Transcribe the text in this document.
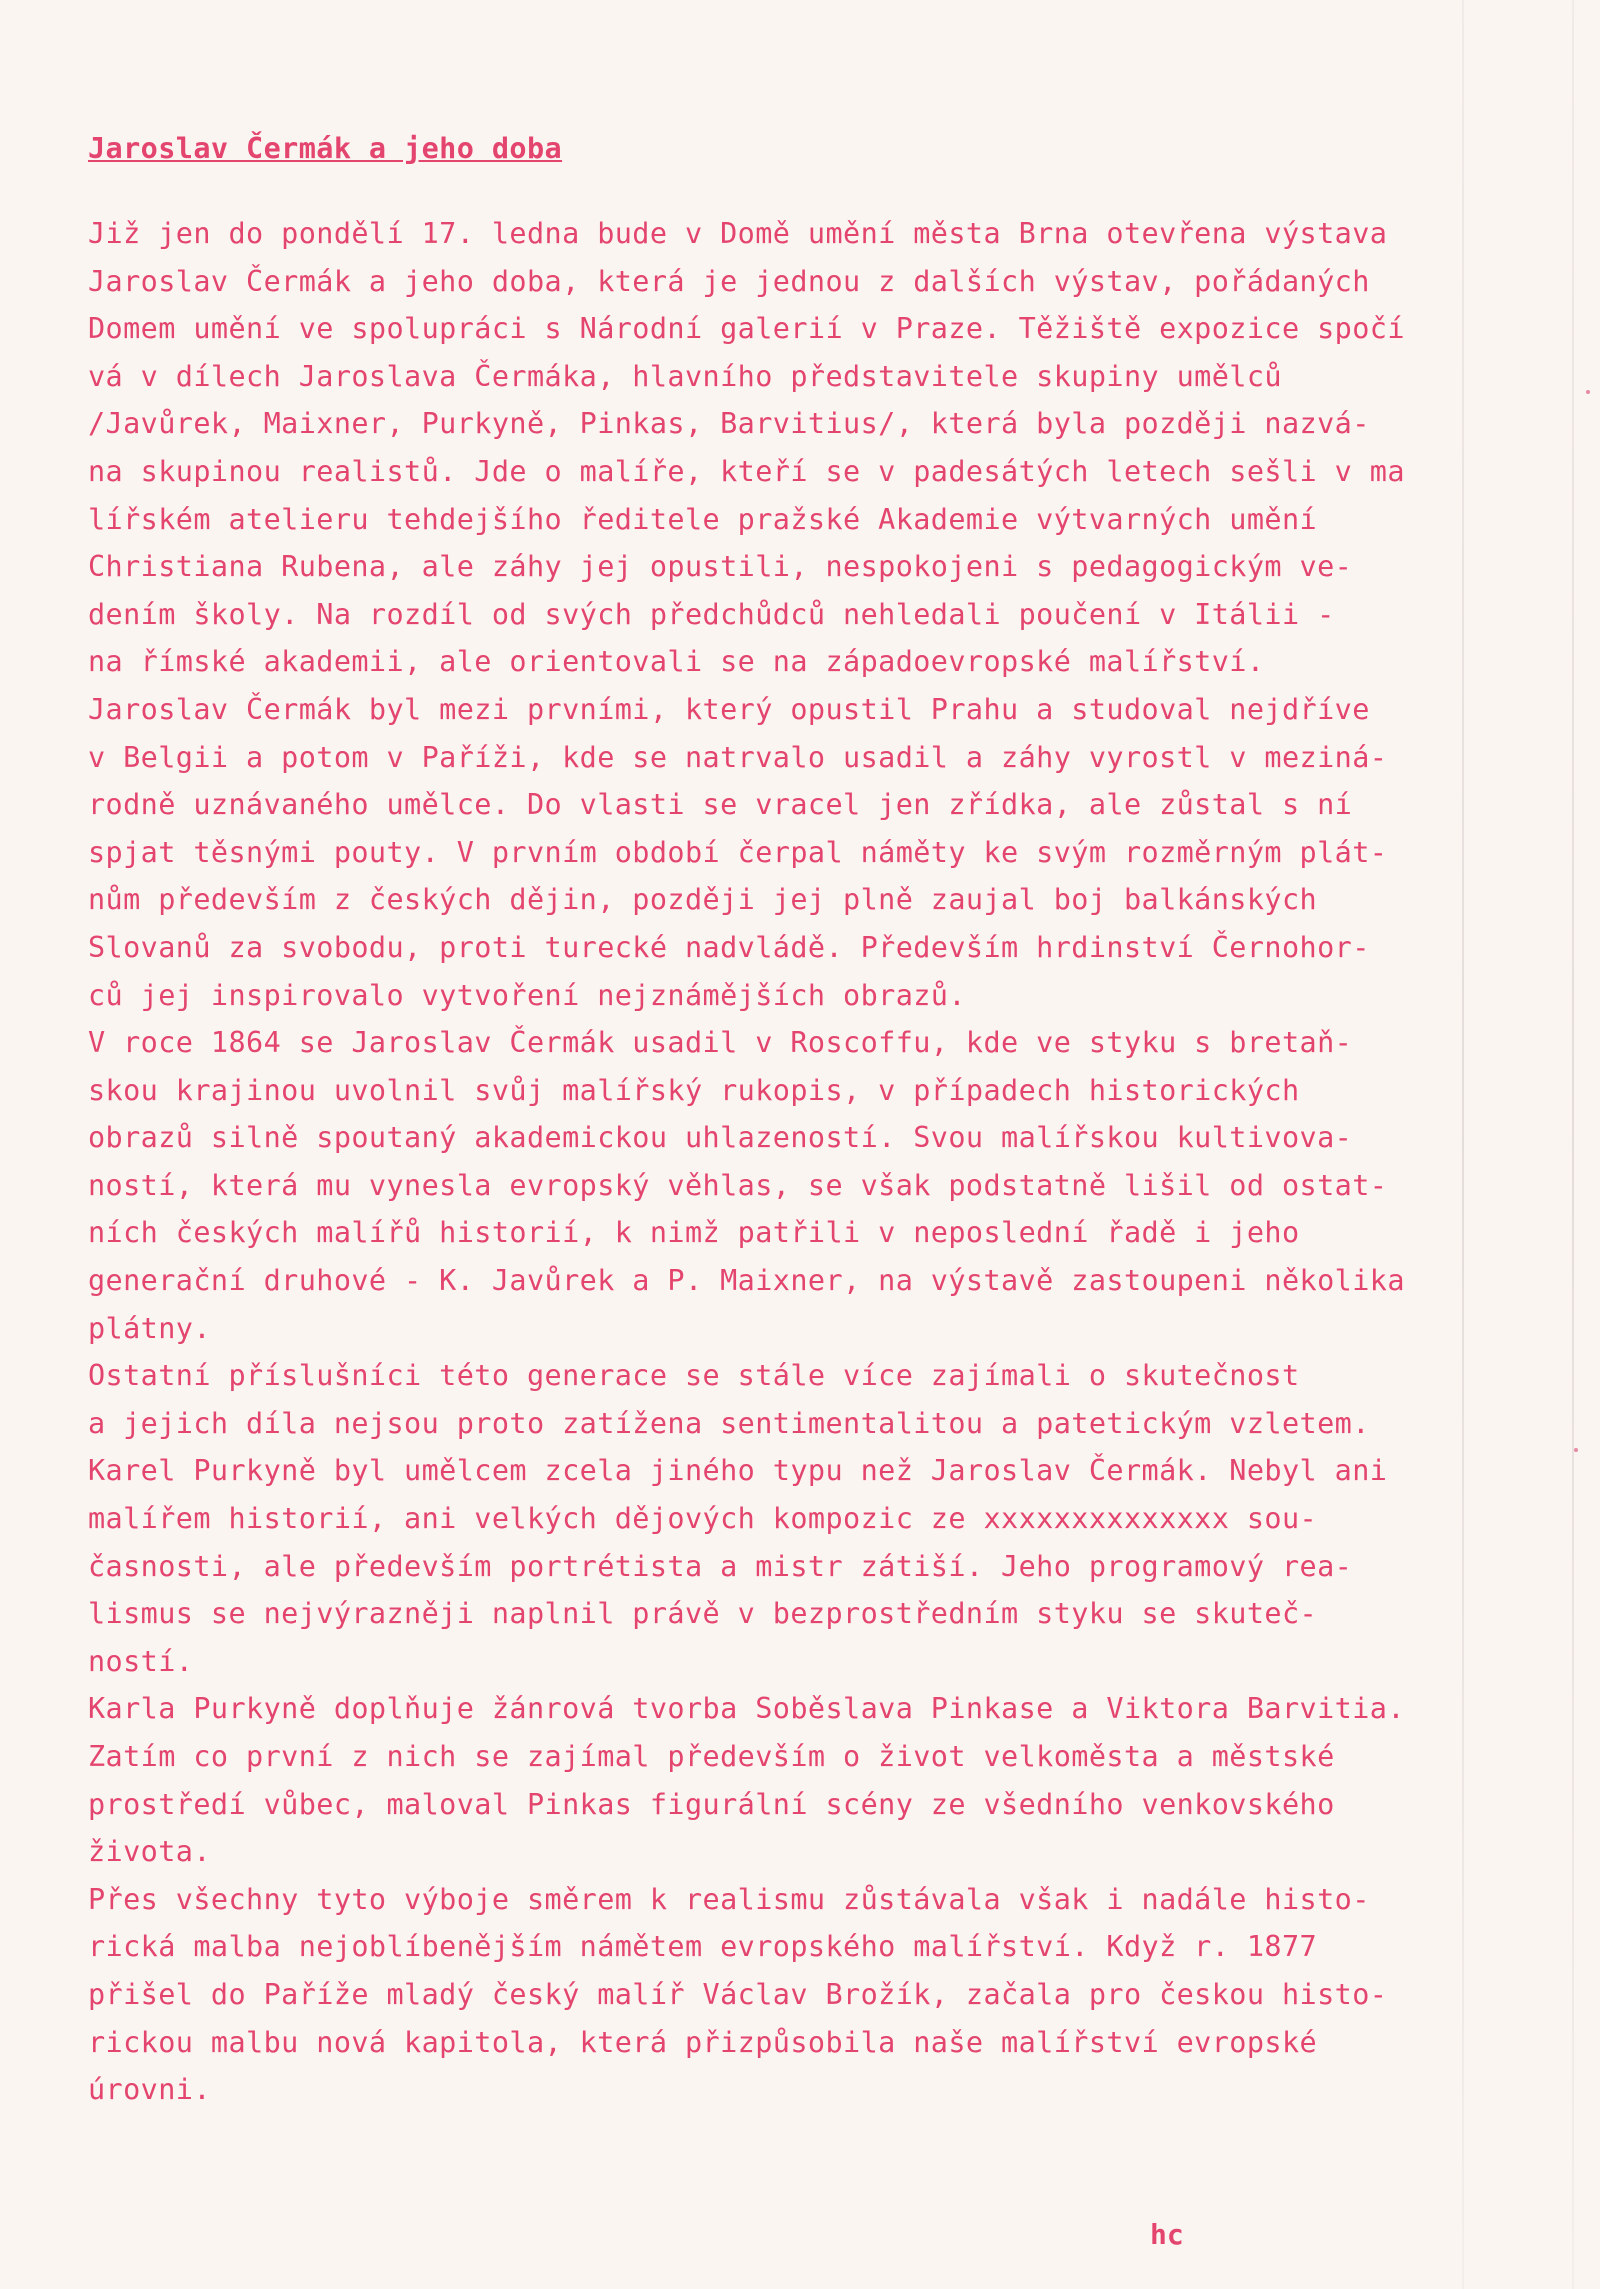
Jaroslav Čermák a jeho doba
Již jen do pondělí 17. ledna bude v Domě umění města Brna otevřena výstava
Jaroslav Čermák a jeho doba, která je jednou z dalších výstav, pořádaných
Domem umění ve spolupráci s Národní galerií v Praze. Těžiště expozice spočí
vá v dílech Jaroslava Čermáka, hlavního představitele skupiny umělců
/Javůrek, Maixner, Purkyně, Pinkas, Barvitius/, která byla později nazvá-
na skupinou realistů. Jde o malíře, kteří se v padesátých letech sešli v ma
lířském atelieru tehdejšího ředitele pražské Akademie výtvarných umění
Christiana Rubena, ale záhy jej opustili, nespokojeni s pedagogickým ve-
dením školy. Na rozdíl od svých předchůdců nehledali poučení v Itálii -
na římské akademii, ale orientovali se na západoevropské malířství.
Jaroslav Čermák byl mezi prvními, který opustil Prahu a studoval nejdříve
v Belgii a potom v Paříži, kde se natrvalo usadil a záhy vyrostl v meziná-
rodně uznávaného umělce. Do vlasti se vracel jen zřídka, ale zůstal s ní
spjat těsnými pouty. V prvním období čerpal náměty ke svým rozměrným plát-
nům především z českých dějin, později jej plně zaujal boj balkánských
Slovanů za svobodu, proti turecké nadvládě. Především hrdinství Černohor-
ců jej inspirovalo vytvoření nejznámějších obrazů.
V roce 1864 se Jaroslav Čermák usadil v Roscoffu, kde ve styku s bretaň-
skou krajinou uvolnil svůj malířský rukopis, v případech historických
obrazů silně spoutaný akademickou uhlazeností. Svou malířskou kultivova-
ností, která mu vynesla evropský věhlas, se však podstatně lišil od ostat-
ních českých malířů historií, k nimž patřili v neposlední řadě i jeho
generační druhové - K. Javůrek a P. Maixner, na výstavě zastoupeni několika
plátny.
Ostatní příslušníci této generace se stále více zajímali o skutečnost
a jejich díla nejsou proto zatížena sentimentalitou a patetickým vzletem.
Karel Purkyně byl umělcem zcela jiného typu než Jaroslav Čermák. Nebyl ani
malířem historií, ani velkých dějových kompozic ze xxxxxxxxxxxxxx sou-
časnosti, ale především portrétista a mistr zátiší. Jeho programový rea-
lismus se nejvýrazněji naplnil právě v bezprostředním styku se skuteč-
ností.
Karla Purkyně doplňuje žánrová tvorba Soběslava Pinkase a Viktora Barvitia.
Zatím co první z nich se zajímal především o život velkoměsta a městské
prostředí vůbec, maloval Pinkas figurální scény ze všedního venkovského
života.
Přes všechny tyto výboje směrem k realismu zůstávala však i nadále histo-
rická malba nejoblíbenějším námětem evropského malířství. Když r. 1877
přišel do Paříže mladý český malíř Václav Brožík, začala pro českou histo-
rickou malbu nová kapitola, která přizpůsobila naše malířství evropské
úrovni.
hc
